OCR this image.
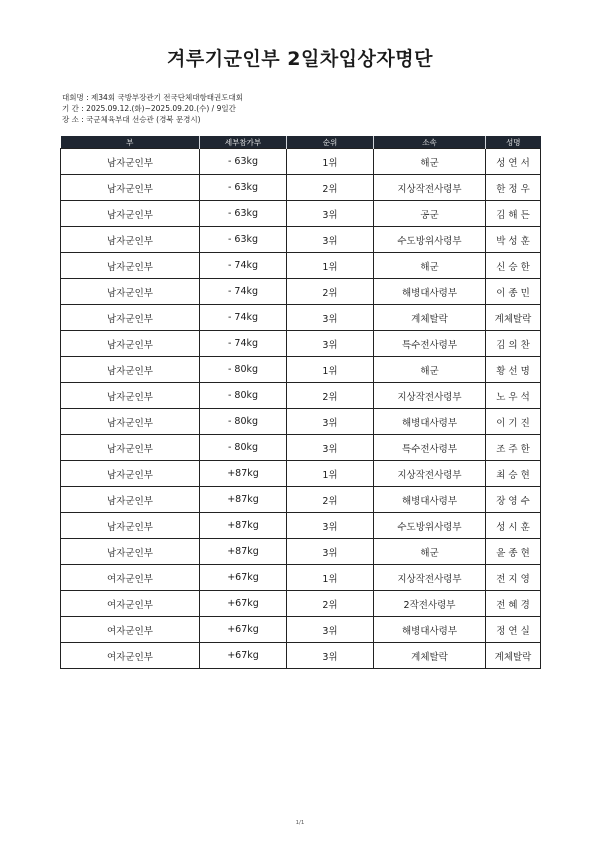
겨루기군인부 2일차입상자명단
대회명 : 제34회 국방부장관기 전국단체대항태권도대회
기 간 : 2025.09.12.(화)~2025.09.20.(수) / 9일간
장 소 : 국군체육부대 선승관 (경북 문경시)
부	세부참가부	순위	소속	성명
남자군인부	- 63kg	1위	해군	성 연 서
남자군인부	- 63kg	2위	지상작전사령부	한 정 우
남자군인부	- 63kg	3위	공군	김 해 든
남자군인부	- 63kg	3위	수도방위사령부	박 성 훈
남자군인부	- 74kg	1위	해군	신 승 한
남자군인부	- 74kg	2위	해병대사령부	이 종 민
남자군인부	- 74kg	3위	계체탈락	계체탈락
남자군인부	- 74kg	3위	특수전사령부	김 의 찬
남자군인부	- 80kg	1위	해군	황 선 명
남자군인부	- 80kg	2위	지상작전사령부	노 우 석
남자군인부	- 80kg	3위	해병대사령부	이 기 진
남자군인부	- 80kg	3위	특수전사령부	조 주 한
남자군인부	+87kg	1위	지상작전사령부	최 승 현
남자군인부	+87kg	2위	해병대사령부	장 영 수
남자군인부	+87kg	3위	수도방위사령부	성 시 훈
남자군인부	+87kg	3위	해군	윤 종 현
여자군인부	+67kg	1위	지상작전사령부	전 지 영
여자군인부	+67kg	2위	2작전사령부	전 혜 경
여자군인부	+67kg	3위	해병대사령부	정 연 실
여자군인부	+67kg	3위	계체탈락	계체탈락
1/1
